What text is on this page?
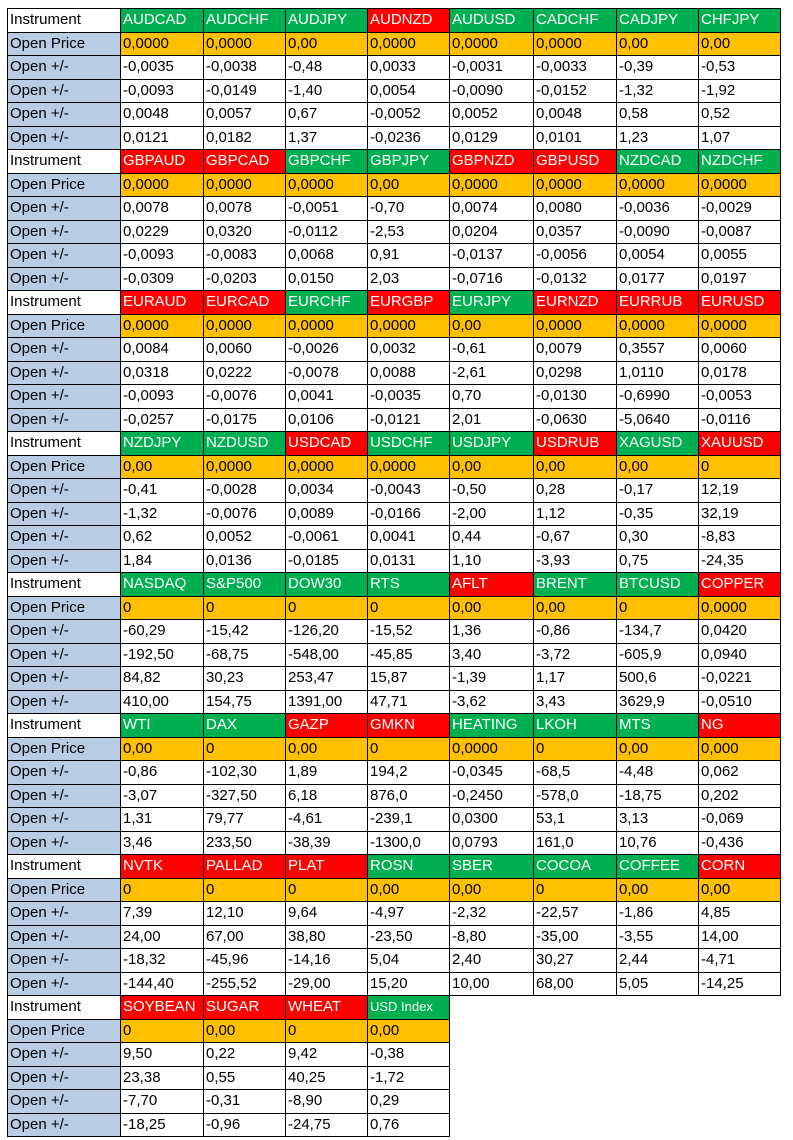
Instrument	AUDCAD	AUDCHF	AUDJPY	AUDNZD	AUDUSD	CADCHF	CADJPY	CHFJPY
Open Price	0,0000	0,0000	0,00	0,0000	0,0000	0,0000	0,00	0,00
Open +/-	-0,0035	-0,0038	-0,48	0,0033	-0,0031	-0,0033	-0,39	-0,53
Open +/-	-0,0093	-0,0149	-1,40	0,0054	-0,0090	-0,0152	-1,32	-1,92
Open +/-	0,0048	0,0057	0,67	-0,0052	0,0052	0,0048	0,58	0,52
Open +/-	0,0121	0,0182	1,37	-0,0236	0,0129	0,0101	1,23	1,07
Instrument	GBPAUD	GBPCAD	GBPCHF	GBPJPY	GBPNZD	GBPUSD	NZDCAD	NZDCHF
Open Price	0,0000	0,0000	0,0000	0,00	0,0000	0,0000	0,0000	0,0000
Open +/-	0,0078	0,0078	-0,0051	-0,70	0,0074	0,0080	-0,0036	-0,0029
Open +/-	0,0229	0,0320	-0,0112	-2,53	0,0204	0,0357	-0,0090	-0,0087
Open +/-	-0,0093	-0,0083	0,0068	0,91	-0,0137	-0,0056	0,0054	0,0055
Open +/-	-0,0309	-0,0203	0,0150	2,03	-0,0716	-0,0132	0,0177	0,0197
Instrument	EURAUD	EURCAD	EURCHF	EURGBP	EURJPY	EURNZD	EURRUB	EURUSD
Open Price	0,0000	0,0000	0,0000	0,0000	0,00	0,0000	0,0000	0,0000
Open +/-	0,0084	0,0060	-0,0026	0,0032	-0,61	0,0079	0,3557	0,0060
Open +/-	0,0318	0,0222	-0,0078	0,0088	-2,61	0,0298	1,0110	0,0178
Open +/-	-0,0093	-0,0076	0,0041	-0,0035	0,70	-0,0130	-0,6990	-0,0053
Open +/-	-0,0257	-0,0175	0,0106	-0,0121	2,01	-0,0630	-5,0640	-0,0116
Instrument	NZDJPY	NZDUSD	USDCAD	USDCHF	USDJPY	USDRUB	XAGUSD	XAUUSD
Open Price	0,00	0,0000	0,0000	0,0000	0,00	0,00	0,00	0
Open +/-	-0,41	-0,0028	0,0034	-0,0043	-0,50	0,28	-0,17	12,19
Open +/-	-1,32	-0,0076	0,0089	-0,0166	-2,00	1,12	-0,35	32,19
Open +/-	0,62	0,0052	-0,0061	0,0041	0,44	-0,67	0,30	-8,83
Open +/-	1,84	0,0136	-0,0185	0,0131	1,10	-3,93	0,75	-24,35
Instrument	NASDAQ	S&P500	DOW30	RTS	AFLT	BRENT	BTCUSD	COPPER
Open Price	0	0	0	0	0,00	0,00	0	0,0000
Open +/-	-60,29	-15,42	-126,20	-15,52	1,36	-0,86	-134,7	0,0420
Open +/-	-192,50	-68,75	-548,00	-45,85	3,40	-3,72	-605,9	0,0940
Open +/-	84,82	30,23	253,47	15,87	-1,39	1,17	500,6	-0,0221
Open +/-	410,00	154,75	1391,00	47,71	-3,62	3,43	3629,9	-0,0510
Instrument	WTI	DAX	GAZP	GMKN	HEATING	LKOH	MTS	NG
Open Price	0,00	0	0,00	0	0,0000	0	0,00	0,000
Open +/-	-0,86	-102,30	1,89	194,2	-0,0345	-68,5	-4,48	0,062
Open +/-	-3,07	-327,50	6,18	876,0	-0,2450	-578,0	-18,75	0,202
Open +/-	1,31	79,77	-4,61	-239,1	0,0300	53,1	3,13	-0,069
Open +/-	3,46	233,50	-38,39	-1300,0	0,0793	161,0	10,76	-0,436
Instrument	NVTK	PALLAD	PLAT	ROSN	SBER	COCOA	COFFEE	CORN
Open Price	0	0	0	0,00	0,00	0	0,00	0,00
Open +/-	7,39	12,10	9,64	-4,97	-2,32	-22,57	-1,86	4,85
Open +/-	24,00	67,00	38,80	-23,50	-8,80	-35,00	-3,55	14,00
Open +/-	-18,32	-45,96	-14,16	5,04	2,40	30,27	2,44	-4,71
Open +/-	-144,40	-255,52	-29,00	15,20	10,00	68,00	5,05	-14,25
Instrument	SOYBEAN	SUGAR	WHEAT	USD Index				
Open Price	0	0,00	0	0,00				
Open +/-	9,50	0,22	9,42	-0,38				
Open +/-	23,38	0,55	40,25	-1,72				
Open +/-	-7,70	-0,31	-8,90	0,29				
Open +/-	-18,25	-0,96	-24,75	0,76				
